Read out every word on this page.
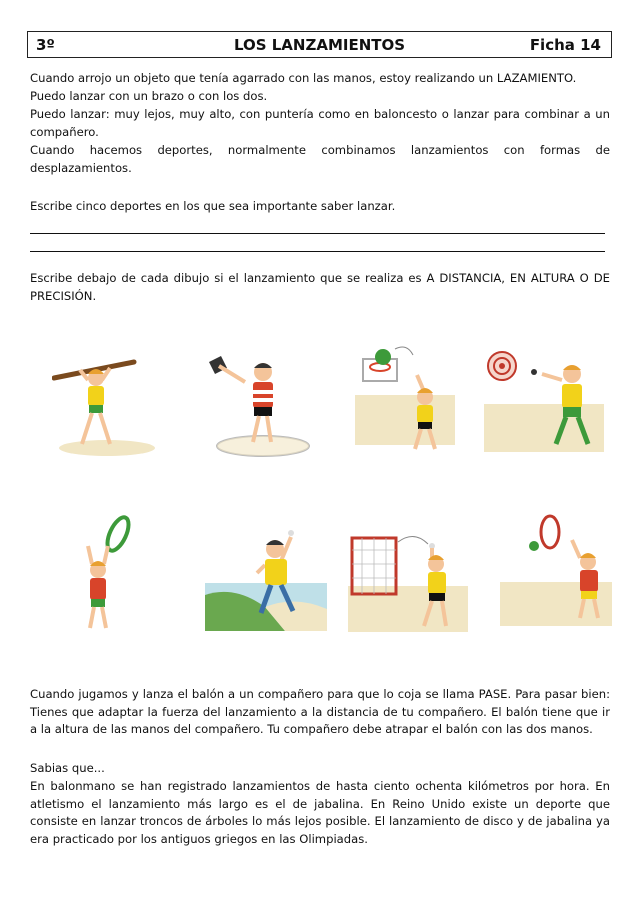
3º	LOS LANZAMIENTOS	Ficha 14

Cuando arrojo un objeto que tenía agarrado con las manos, estoy realizando un LAZAMIENTO.

Puedo lanzar con un brazo o con los dos.

Puedo lanzar: muy lejos, muy alto, con puntería como en baloncesto o lanzar para combinar a un compañero.

Cuando hacemos deportes, normalmente combinamos lanzamientos con formas de

desplazamientos.

Escribe cinco deportes en los que sea importante saber lanzar.

Escribe debajo de cada dibujo si el lanzamiento que se realiza es A DISTANCIA, EN ALTURA O DE PRECISIÓN.

Cuando jugamos y lanza el balón a un compañero para que lo coja se llama PASE. Para pasar bien: Tienes que adaptar la fuerza del lanzamiento a la distancia de tu compañero. El balón tiene que ir a la altura de las manos del compañero. Tu compañero debe atrapar el balón con las dos manos.

Sabias que...

En balonmano se han registrado lanzamientos de hasta ciento ochenta kilómetros por hora. En atletismo el lanzamiento más largo es el de jabalina. En Reino Unido existe un deporte que consiste en lanzar troncos de árboles lo más lejos posible. El lanzamiento de disco y de jabalina ya era practicado por los antiguos griegos en las Olimpiadas.
